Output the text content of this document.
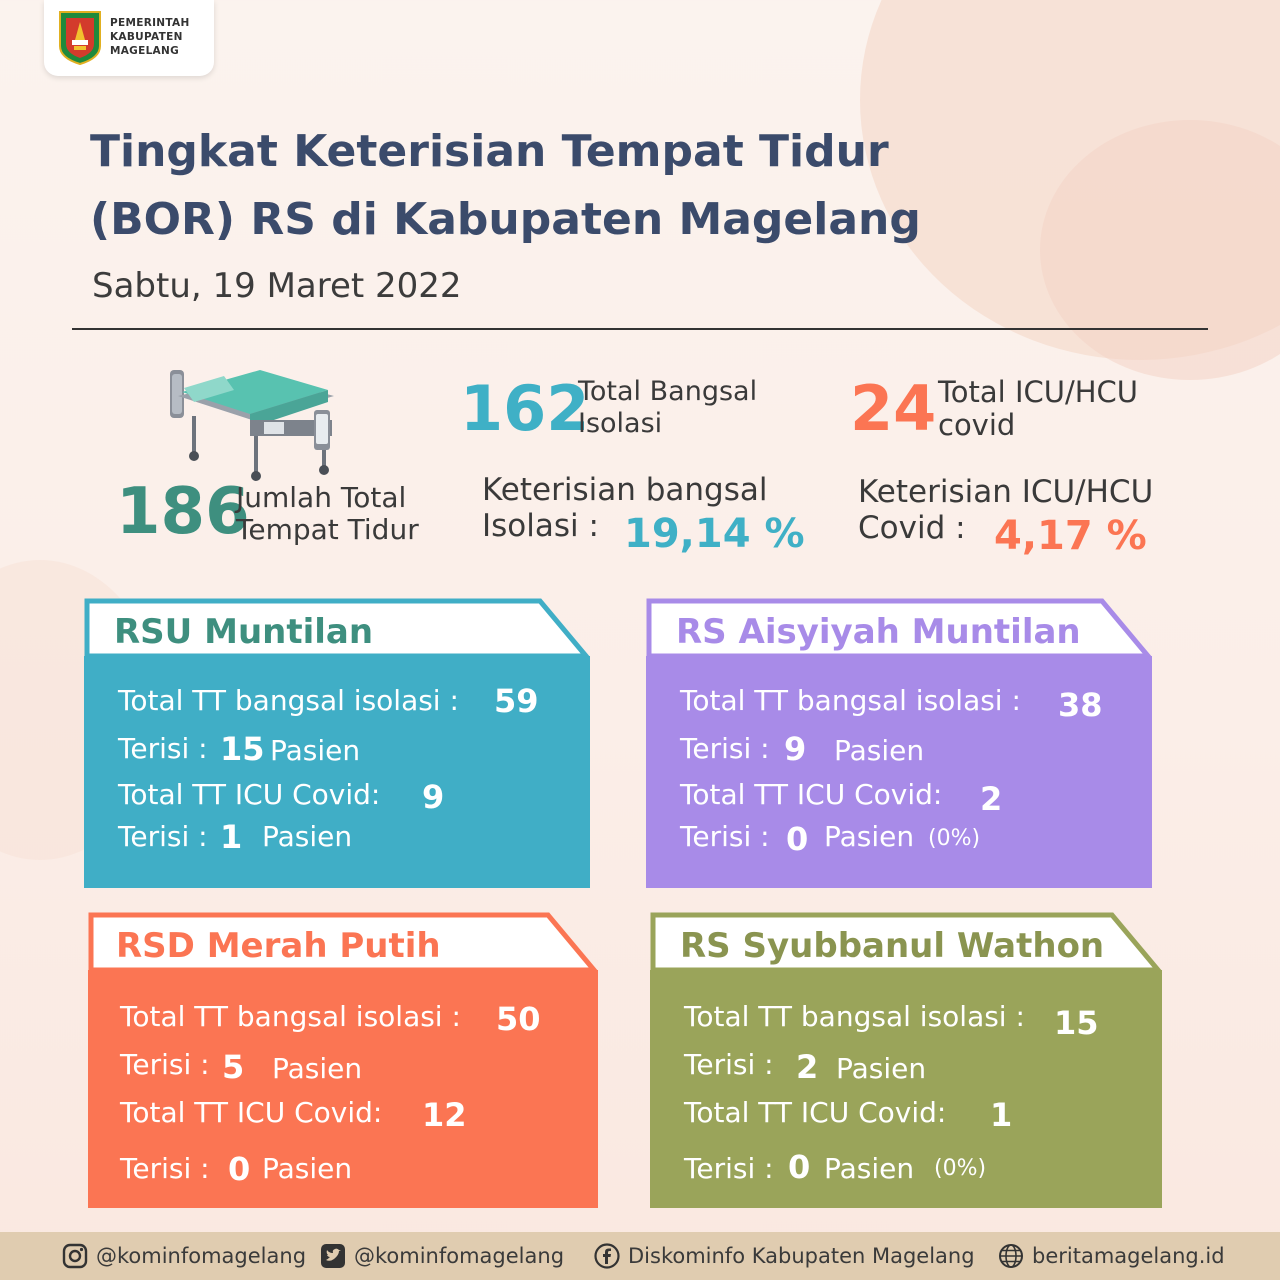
PEMERINTAH
KABUPATEN
MAGELANG
Tingkat Keterisian Tempat Tidur
(BOR) RS di Kabupaten Magelang
Sabtu, 19 Maret 2022
186
Jumlah Total
Tempat Tidur
162
Total Bangsal
Isolasi
Keterisian bangsal
Isolasi : 19,14 %
24 Total ICU/HCU
covid
Keterisian ICU/HCU
Covid : 4,17 %
RSU Muntilan
Total TT bangsal isolasi : 59
Terisi : 15 Pasien
Total TT ICU Covid: 9
Terisi : 1 Pasien
RS Aisyiyah Muntilan
Total TT bangsal isolasi : 38
Terisi : 9 Pasien
Total TT ICU Covid: 2
Terisi : 0 Pasien (0%)
RSD Merah Putih
Total TT bangsal isolasi : 50
Terisi : 5 Pasien
Total TT ICU Covid: 12
Terisi : 0 Pasien
RS Syubbanul Wathon
Total TT bangsal isolasi : 15
Terisi : 2 Pasien
Total TT ICU Covid: 1
Terisi : 0 Pasien (0%)
@kominfomagelang @kominfomagelang	Diskominfo Kabupaten Magelang	beritamagelang.id
